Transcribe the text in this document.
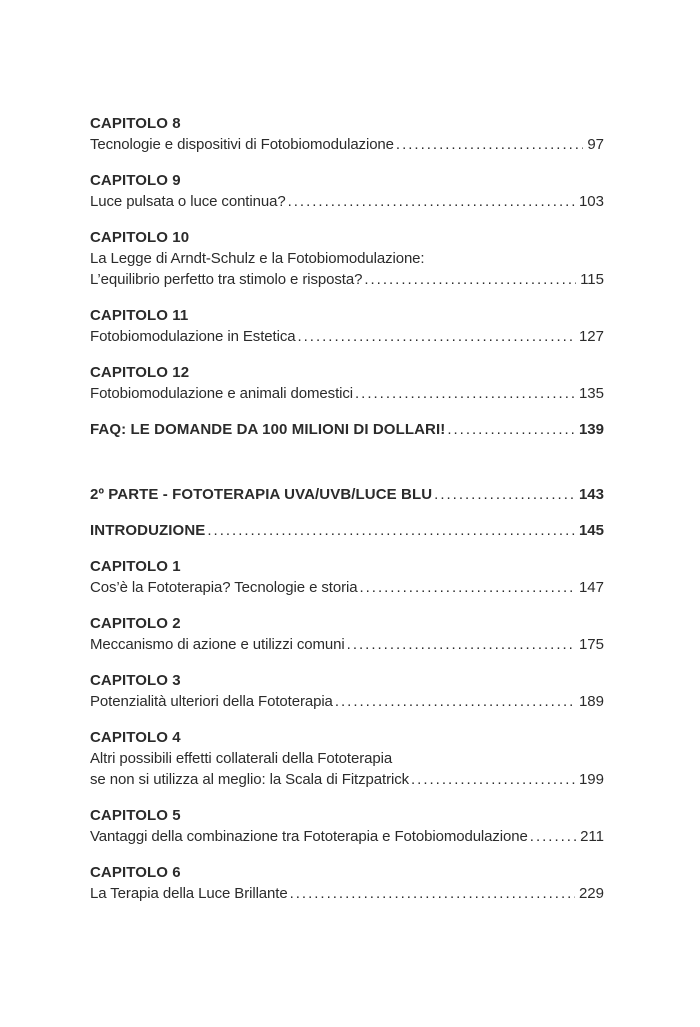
CAPITOLO 8
Tecnologie e dispositivi di Fotobiomodulazione .....	97
CAPITOLO 9
Luce pulsata o luce continua? .....	103
CAPITOLO 10
La Legge di Arndt-Schulz e la Fotobiomodulazione:
L’equilibrio perfetto tra stimolo e risposta? .....	115
CAPITOLO 11
Fotobiomodulazione in Estetica .....	127
CAPITOLO 12
Fotobiomodulazione e animali domestici .....	135
FAQ: LE DOMANDE DA 100 MILIONI DI DOLLARI! .....	139
2º PARTE - FOTOTERAPIA UVA/UVB/LUCE BLU .....	143
INTRODUZIONE .....	145
CAPITOLO 1
Cos’è la Fototerapia? Tecnologie e storia .....	147
CAPITOLO 2
Meccanismo di azione e utilizzi comuni .....	175
CAPITOLO 3
Potenzialità ulteriori della Fototerapia .....	189
CAPITOLO 4
Altri possibili effetti collaterali della Fototerapia
se non si utilizza al meglio: la Scala di Fitzpatrick .....	199
CAPITOLO 5
Vantaggi della combinazione tra Fototerapia e Fotobiomodulazione .....	211
CAPITOLO 6
La Terapia della Luce Brillante .....	229
